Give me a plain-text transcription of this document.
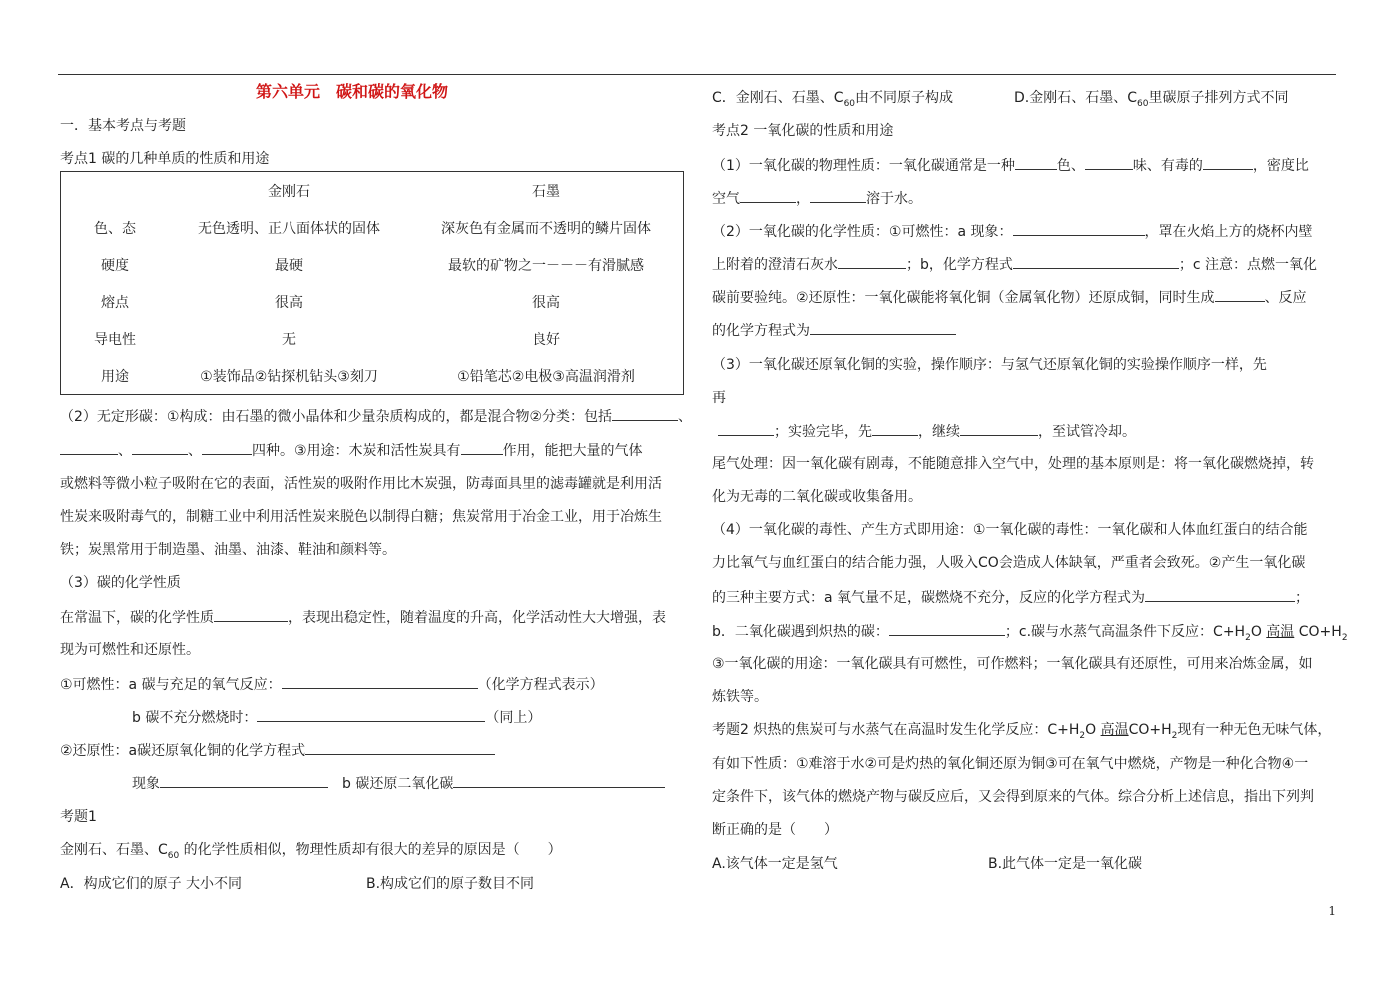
第六单元　碳和碳的氧化物
一．基本考点与考题
考点1 碳的几种单质的性质和用途
	金刚石	石墨
色、态	无色透明、正八面体状的固体	深灰色有金属而不透明的鳞片固体
硬度	最硬	最软的矿物之一－－－有滑腻感
熔点	很高	很高
导电性	无	良好
用途	①装饰品②钻探机钻头③刻刀	①铅笔芯②电极③高温润滑剂
（2）无定形碳：①构成：由石墨的微小晶体和少量杂质构成的，都是混合物②分类：包括	、
、	、	四种。③用途：木炭和活性炭具有	作用，能把大量的气体
或燃料等微小粒子吸附在它的表面，活性炭的吸附作用比木炭强，防毒面具里的滤毒罐就是利用活
性炭来吸附毒气的，制糖工业中利用活性炭来脱色以制得白糖；焦炭常用于冶金工业，用于冶炼生
铁；炭黑常用于制造墨、油墨、油漆、鞋油和颜料等。
（3）碳的化学性质
在常温下，碳的化学性质	，表现出稳定性，随着温度的升高，化学活动性大大增强，表
现为可燃性和还原性。
①可燃性：a 碳与充足的氧气反应：	（化学方程式表示）
b 碳不充分燃烧时：	（同上）
②还原性：a碳还原氧化铜的化学方程式
现象　	b 碳还原二氧化碳
考题1
金刚石、石墨、$C_{60}$ 的化学性质相似，物理性质却有很大的差异的原因是（　　）
A．构成它们的原子 大小不同	B.构成它们的原子数目不同
C．金刚石、石墨、$C_{60}$由不同原子构成	D.金刚石、石墨、$C_{60}$里碳原子排列方式不同
考点2 一氧化碳的性质和用途
（1）一氧化碳的物理性质：一氧化碳通常是一种	色、	味、有毒的	，密度比
空气	，	溶于水。
（2）一氧化碳的化学性质：①可燃性：a 现象：	，罩在火焰上方的烧杯内壁
上附着的澄清石灰水	；b，化学方程式	；c 注意：点燃一氧化
碳前要验纯。②还原性：一氧化碳能将氧化铜（金属氧化物）还原成铜，同时生成	、反应
的化学方程式为
（3）一氧化碳还原氧化铜的实验，操作顺序：与氢气还原氧化铜的实验操作顺序一样，先
再
；实验完毕，先	，继续	，至试管冷却。
尾气处理：因一氧化碳有剧毒，不能随意排入空气中，处理的基本原则是：将一氧化碳燃烧掉，转
化为无毒的二氧化碳或收集备用。
（4）一氧化碳的毒性、产生方式即用途：①一氧化碳的毒性：一氧化碳和人体血红蛋白的结合能
力比氧气与血红蛋白的结合能力强，人吸入CO会造成人体缺氧，严重者会致死。②产生一氧化碳
的三种主要方式：a 氧气量不足，碳燃烧不充分，反应的化学方程式为	；
b．二氧化碳遇到炽热的碳：	；c.碳与水蒸气高温条件下反应：$C+H_2O$ 高温 $CO+H_2$
③一氧化碳的用途：一氧化碳具有可燃性，可作燃料；一氧化碳具有还原性，可用来冶炼金属，如
炼铁等。
考题2 炽热的焦炭可与水蒸气在高温时发生化学反应：$C+H_2O$ 高温$CO+H_2$现有一种无色无味气体，
有如下性质：①难溶于水②可是灼热的氧化铜还原为铜③可在氧气中燃烧，产物是一种化合物④一
定条件下，该气体的燃烧产物与碳反应后，又会得到原来的气体。综合分析上述信息，指出下列判
断正确的是（　　）
A.该气体一定是氢气	B.此气体一定是一氧化碳
1
